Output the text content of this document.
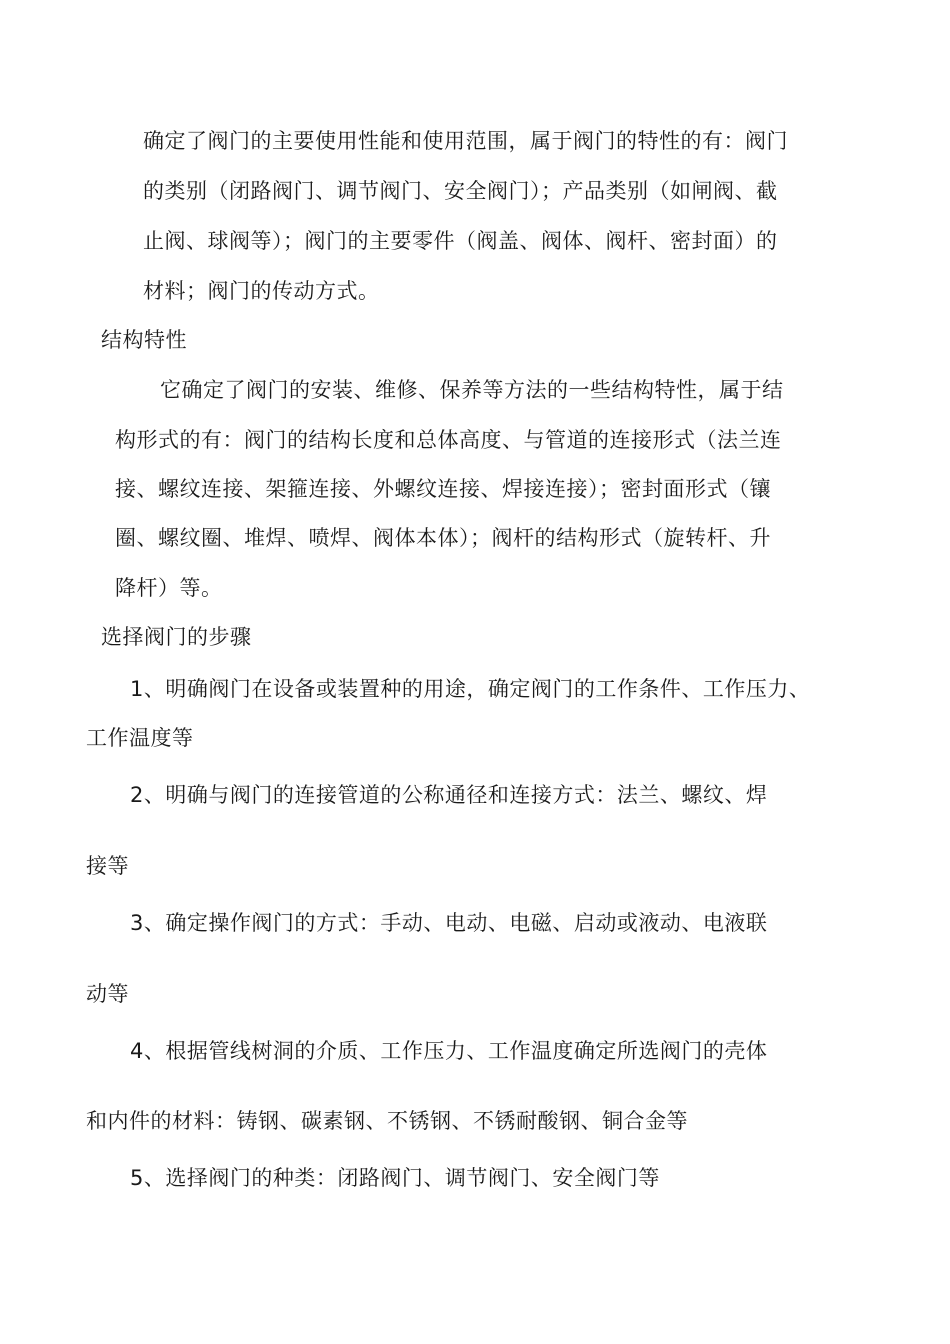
确定了阀门的主要使用性能和使用范围，属于阀门的特性的有：阀门
的类别（闭路阀门、调节阀门、安全阀门）；产品类别（如闸阀、截
止阀、球阀等）；阀门的主要零件（阀盖、阀体、阀杆、密封面）的
材料；阀门的传动方式。
结构特性
它确定了阀门的安装、维修、保养等方法的一些结构特性，属于结
构形式的有：阀门的结构长度和总体高度、与管道的连接形式（法兰连
接、螺纹连接、架箍连接、外螺纹连接、焊接连接）；密封面形式（镶
圈、螺纹圈、堆焊、喷焊、阀体本体）；阀杆的结构形式（旋转杆、升
降杆）等。
选择阀门的步骤
1、明确阀门在设备或装置种的用途，确定阀门的工作条件、工作压力、
工作温度等
2、明确与阀门的连接管道的公称通径和连接方式：法兰、螺纹、焊
接等
3、确定操作阀门的方式：手动、电动、电磁、启动或液动、电液联
动等
4、根据管线树洞的介质、工作压力、工作温度确定所选阀门的壳体
和内件的材料：铸钢、碳素钢、不锈钢、不锈耐酸钢、铜合金等
5、选择阀门的种类：闭路阀门、调节阀门、安全阀门等
